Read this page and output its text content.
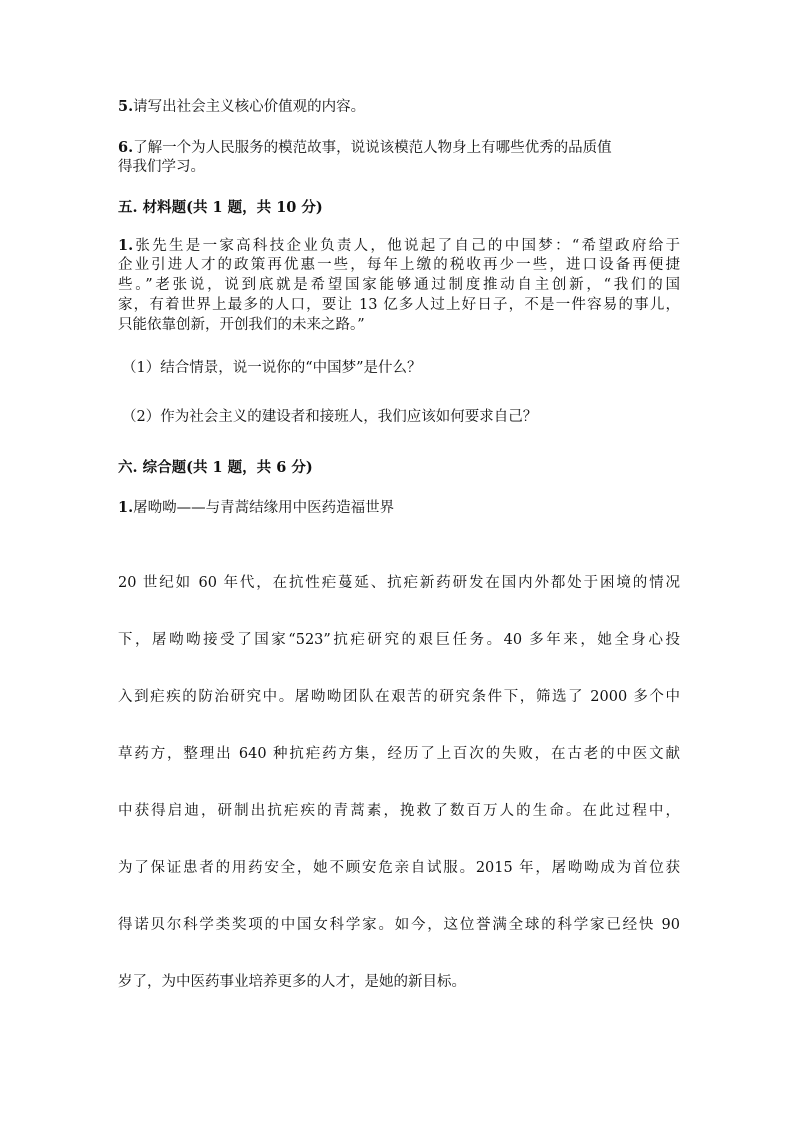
5.请写出社会主义核心价值观的内容。

6.了解一个为人民服务的模范故事，说说该模范人物身上有哪些优秀的品质值

得我们学习。

五. 材料题(共 1 题，共 10 分)

1.张先生是一家高科技企业负责人，他说起了自己的中国梦：“希望政府给于

企业引进人才的政策再优惠一些，每年上缴的税收再少一些，进口设备再便捷

些。”老张说，说到底就是希望国家能够通过制度推动自主创新，“我们的国

家，有着世界上最多的人口，要让 13 亿多人过上好日子，不是一件容易的事儿，

只能依靠创新，开创我们的未来之路。”

（1）结合情景，说一说你的“中国梦”是什么？

（2）作为社会主义的建设者和接班人，我们应该如何要求自己？

六. 综合题(共 1 题，共 6 分)

1.屠呦呦——与青蒿结缘用中医药造福世界

20 世纪如 60 年代，在抗性疟蔓延、抗疟新药研发在国内外都处于困境的情况

下，屠呦呦接受了国家“523”抗疟研究的艰巨任务。40 多年来，她全身心投

入到疟疾的防治研究中。屠呦呦团队在艰苦的研究条件下，筛选了 2000 多个中

草药方，整理出 640 种抗疟药方集，经历了上百次的失败，在古老的中医文献

中获得启迪，研制出抗疟疾的青蒿素，挽救了数百万人的生命。在此过程中，

为了保证患者的用药安全，她不顾安危亲自试服。2015 年，屠呦呦成为首位获

得诺贝尔科学类奖项的中国女科学家。如今，这位誉满全球的科学家已经快 90

岁了，为中医药事业培养更多的人才，是她的新目标。
